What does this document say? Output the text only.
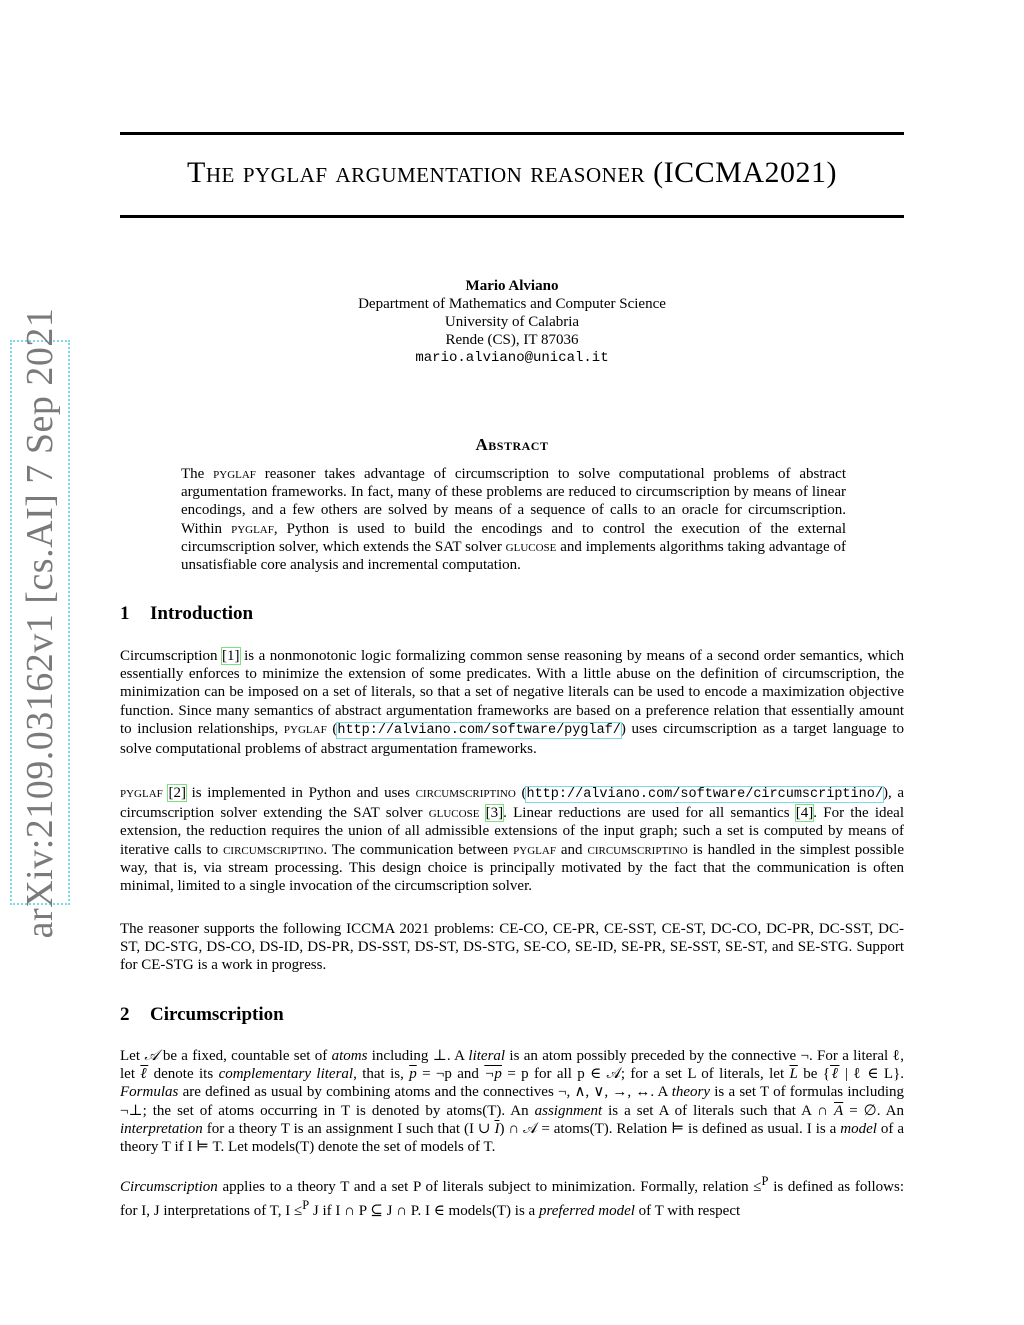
arXiv:2109.03162v1 [cs.AI] 7 Sep 2021
The pyglaf argumentation reasoner (ICCMA2021)
Mario Alviano
Department of Mathematics and Computer Science
University of Calabria
Rende (CS), IT 87036
mario.alviano@unical.it
Abstract
The pyglaf reasoner takes advantage of circumscription to solve computational problems of abstract argumentation frameworks. In fact, many of these problems are reduced to circumscription by means of linear encodings, and a few others are solved by means of a sequence of calls to an oracle for circumscription. Within pyglaf, Python is used to build the encodings and to control the execution of the external circumscription solver, which extends the SAT solver glucose and implements algorithms taking advantage of unsatisfiable core analysis and incremental computation.
1 Introduction
Circumscription [1] is a nonmonotonic logic formalizing common sense reasoning by means of a second order semantics, which essentially enforces to minimize the extension of some predicates. With a little abuse on the definition of circumscription, the minimization can be imposed on a set of literals, so that a set of negative literals can be used to encode a maximization objective function. Since many semantics of abstract argumentation frameworks are based on a preference relation that essentially amount to inclusion relationships, pyglaf (http://alviano.com/software/pyglaf/) uses circumscription as a target language to solve computational problems of abstract argumentation frameworks.
pyglaf [2] is implemented in Python and uses circumscriptino (http://alviano.com/software/circumscriptino/), a circumscription solver extending the SAT solver glucose [3]. Linear reductions are used for all semantics [4]. For the ideal extension, the reduction requires the union of all admissible extensions of the input graph; such a set is computed by means of iterative calls to circumscriptino. The communication between pyglaf and circumscriptino is handled in the simplest possible way, that is, via stream processing. This design choice is principally motivated by the fact that the communication is often minimal, limited to a single invocation of the circumscription solver.
The reasoner supports the following ICCMA 2021 problems: CE-CO, CE-PR, CE-SST, CE-ST, DC-CO, DC-PR, DC-SST, DC-ST, DC-STG, DS-CO, DS-ID, DS-PR, DS-SST, DS-ST, DS-STG, SE-CO, SE-ID, SE-PR, SE-SST, SE-ST, and SE-STG. Support for CE-STG is a work in progress.
2 Circumscription
Let 𝒜 be a fixed, countable set of atoms including ⊥. A literal is an atom possibly preceded by the connective ¬. For a literal ℓ, let ℓ denote its complementary literal, that is, $\overline{p}$ = ¬p and ¬p = p for all p ∈ 𝒜; for a set L of literals, let $\overline{L}$ be {ℓ | ℓ ∈ L}. Formulas are defined as usual by combining atoms and the connectives ¬, ∧, ∨, →, ↔. A theory is a set T of formulas including ¬⊥; the set of atoms occurring in T is denoted by atoms(T). An assignment is a set A of literals such that A ∩ $\overline{A}$ = ∅. An interpretation for a theory T is an assignment I such that (I ∪ $\overline{I}$) ∩ 𝒜 = atoms(T). Relation ⊨ is defined as usual. I is a model of a theory T if I ⊨ T. Let models(T) denote the set of models of T.
Circumscription applies to a theory T and a set P of literals subject to minimization. Formally, relation ≤$^P$ is defined as follows: for I, J interpretations of T, I ≤$^P$ J if I ∩ P ⊆ J ∩ P. I ∈ models(T) is a preferred model of T with respect
